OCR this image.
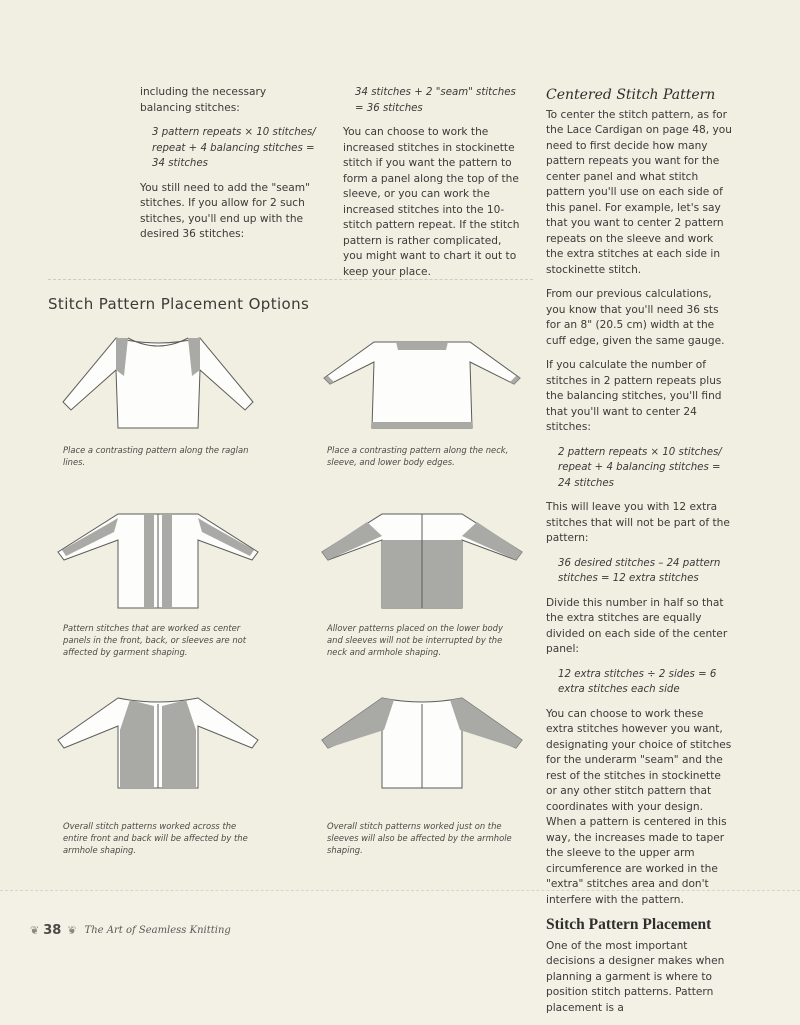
including the necessary balancing stitches:

3 pattern repeats × 10 stitches/ repeat + 4 balancing stitches = 34 stitches

You still need to add the "seam" stitches. If you allow for 2 such stitches, you'll end up with the desired 36 stitches:

34 stitches + 2 "seam" stitches = 36 stitches

You can choose to work the increased stitches in stockinette stitch if you want the pattern to form a panel along the top of the sleeve, or you can work the increased stitches into the 10-stitch pattern repeat. If the stitch pattern is rather complicated, you might want to chart it out to keep your place.

Centered Stitch Pattern

To center the stitch pattern, as for the Lace Cardigan on page 48, you need to first decide how many pattern repeats you want for the center panel and what stitch pattern you'll use on each side of this panel. For example, let's say that you want to center 2 pattern repeats on the sleeve and work the extra stitches at each side in stockinette stitch.

From our previous calculations, you know that you'll need 36 sts for an 8" (20.5 cm) width at the cuff edge, given the same gauge.

If you calculate the number of stitches in 2 pattern repeats plus the balancing stitches, you'll find that you'll want to center 24 stitches:

2 pattern repeats × 10 stitches/ repeat + 4 balancing stitches = 24 stitches

This will leave you with 12 extra stitches that will not be part of the pattern:

36 desired stitches – 24 pattern stitches = 12 extra stitches

Divide this number in half so that the extra stitches are equally divided on each side of the center panel:

12 extra stitches ÷ 2 sides = 6 extra stitches each side

You can choose to work these extra stitches however you want, designating your choice of stitches for the underarm "seam" and the rest of the stitches in stockinette or any other stitch pattern that coordinates with your design. When a pattern is centered in this way, the increases made to taper the sleeve to the upper arm circumference are worked in the "extra" stitches area and don't interfere with the pattern.

Stitch Pattern Placement

One of the most important decisions a designer makes when planning a garment is where to position stitch patterns. Pattern placement is a

Stitch Pattern Placement Options
Place a contrasting pattern along the raglan lines.
Place a contrasting pattern along the neck, sleeve, and lower body edges.
Pattern stitches that are worked as center panels in the front, back, or sleeves are not affected by garment shaping.
Allover patterns placed on the lower body and sleeves will not be interrupted by the neck and armhole shaping.
Overall stitch patterns worked across the entire front and back will be affected by the armhole shaping.
Overall stitch patterns worked just on the sleeves will also be affected by the armhole shaping.
❦ 38 ❦ The Art of Seamless Knitting
